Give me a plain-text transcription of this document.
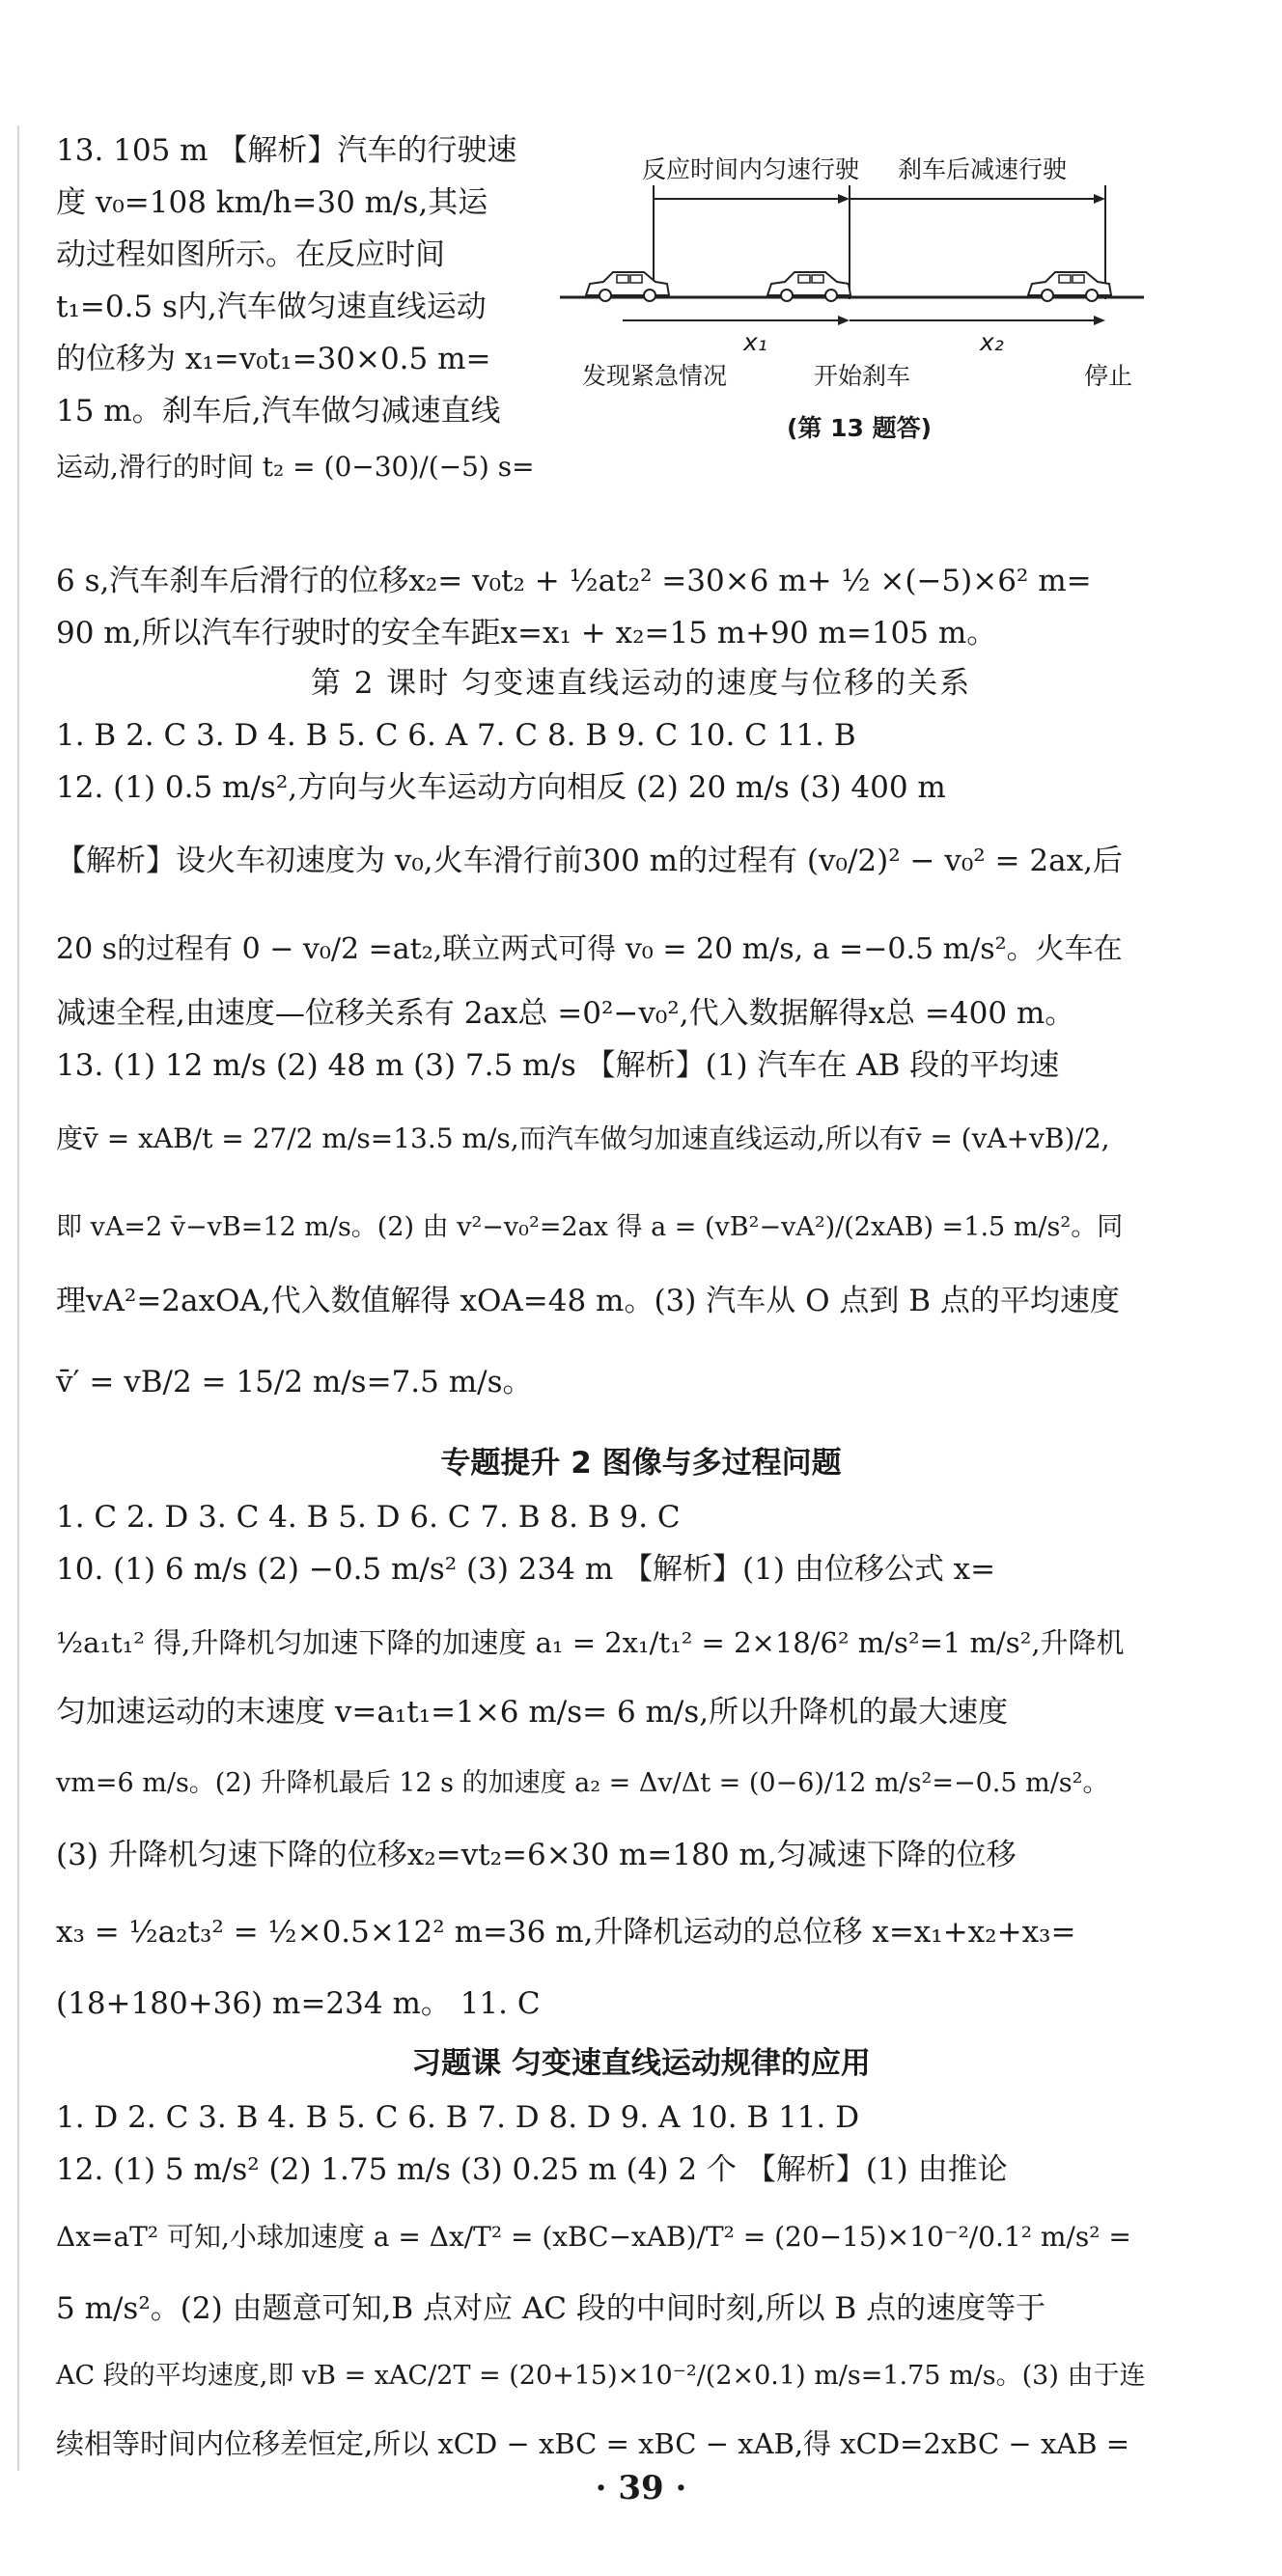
13. 105 m 【解析】汽车的行驶速
度 v₀=108 km/h=30 m/s,其运
动过程如图所示。在反应时间
t₁=0.5 s内,汽车做匀速直线运动
的位移为 x₁=v₀t₁=30×0.5 m=
15 m。刹车后,汽车做匀减速直线
运动,滑行的时间 t₂ = (0−30)/(−5) s=
反应时间内匀速行驶 刹车后减速行驶
x₁	x₂
发现紧急情况	开始刹车	停止
(第 13 题答)
6 s,汽车刹车后滑行的位移x₂= v₀t₂ + ½at₂² =30×6 m+ ½ ×(−5)×6² m=
90 m,所以汽车行驶时的安全车距x=x₁ + x₂=15 m+90 m=105 m。
第 2 课时 匀变速直线运动的速度与位移的关系
1. B 2. C 3. D 4. B 5. C 6. A 7. C 8. B 9. C 10. C 11. B
12. (1) 0.5 m/s²,方向与火车运动方向相反 (2) 20 m/s (3) 400 m
【解析】设火车初速度为 v₀,火车滑行前300 m的过程有 (v₀/2)² − v₀² = 2ax,后
20 s的过程有 0 − v₀/2 =at₂,联立两式可得 v₀ = 20 m/s, a =−0.5 m/s²。火车在
减速全程,由速度—位移关系有 2ax总 =0²−v₀²,代入数据解得x总 =400 m。
13. (1) 12 m/s (2) 48 m (3) 7.5 m/s 【解析】(1) 汽车在 AB 段的平均速
度v̄ = xAB/t = 27/2 m/s=13.5 m/s,而汽车做匀加速直线运动,所以有v̄ = (vA+vB)/2,
即 vA=2 v̄−vB=12 m/s。(2) 由 v²−v₀²=2ax 得 a = (vB²−vA²)/(2xAB) =1.5 m/s²。同
理vA²=2axOA,代入数值解得 xOA=48 m。(3) 汽车从 O 点到 B 点的平均速度
v̄′ = vB/2 = 15/2 m/s=7.5 m/s。
专题提升 2 图像与多过程问题
1. C 2. D 3. C 4. B 5. D 6. C 7. B 8. B 9. C
10. (1) 6 m/s (2) −0.5 m/s² (3) 234 m 【解析】(1) 由位移公式 x=
½a₁t₁² 得,升降机匀加速下降的加速度 a₁ = 2x₁/t₁² = 2×18/6² m/s²=1 m/s²,升降机
匀加速运动的末速度 v=a₁t₁=1×6 m/s= 6 m/s,所以升降机的最大速度
vm=6 m/s。(2) 升降机最后 12 s 的加速度 a₂ = Δv/Δt = (0−6)/12 m/s²=−0.5 m/s²。
(3) 升降机匀速下降的位移x₂=vt₂=6×30 m=180 m,匀减速下降的位移
x₃ = ½a₂t₃² = ½×0.5×12² m=36 m,升降机运动的总位移 x=x₁+x₂+x₃=
(18+180+36) m=234 m。 11. C
习题课 匀变速直线运动规律的应用
1. D 2. C 3. B 4. B 5. C 6. B 7. D 8. D 9. A 10. B 11. D
12. (1) 5 m/s² (2) 1.75 m/s (3) 0.25 m (4) 2 个 【解析】(1) 由推论
Δx=aT² 可知,小球加速度 a = Δx/T² = (xBC−xAB)/T² = (20−15)×10⁻²/0.1² m/s² =
5 m/s²。(2) 由题意可知,B 点对应 AC 段的中间时刻,所以 B 点的速度等于
AC 段的平均速度,即 vB = xAC/2T = (20+15)×10⁻²/(2×0.1) m/s=1.75 m/s。(3) 由于连
续相等时间内位移差恒定,所以 xCD − xBC = xBC − xAB,得 xCD=2xBC − xAB =
· 39 ·
